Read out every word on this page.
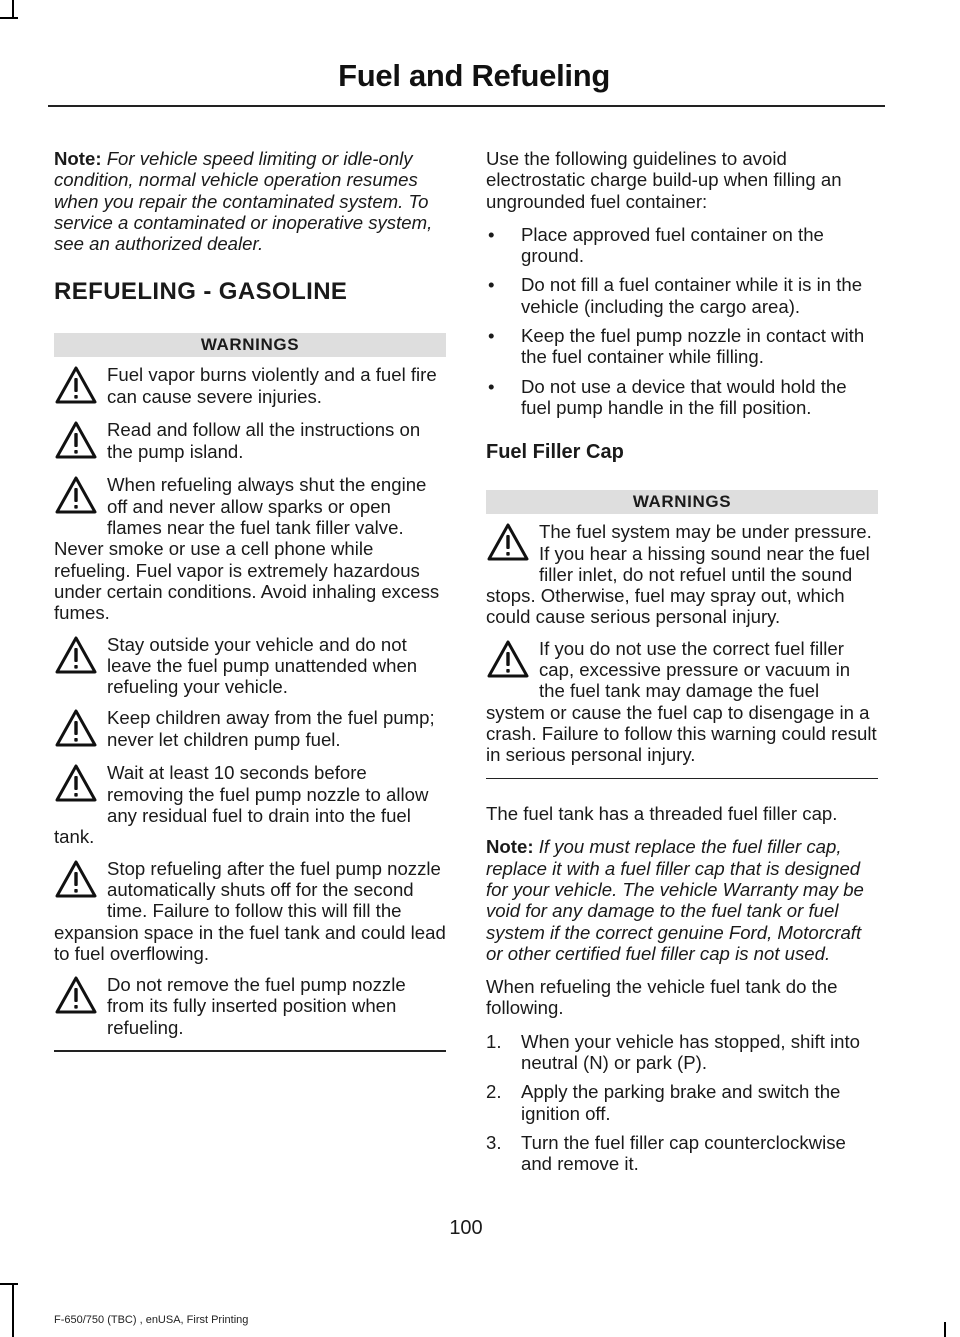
Fuel and Refueling

Note: For vehicle speed limiting or idle-only condition, normal vehicle operation resumes when you repair the contaminated system. To service a contaminated or inoperative system, see an authorized dealer.

REFUELING - GASOLINE
WARNINGS
Fuel vapor burns violently and a fuel fire can cause severe injuries.
Read and follow all the instructions on the pump island.
When refueling always shut the engine off and never allow sparks or open flames near the fuel tank filler valve. Never smoke or use a cell phone while refueling. Fuel vapor is extremely hazardous under certain conditions. Avoid inhaling excess fumes.
Stay outside your vehicle and do not leave the fuel pump unattended when refueling your vehicle.
Keep children away from the fuel pump; never let children pump fuel.
Wait at least 10 seconds before removing the fuel pump nozzle to allow any residual fuel to drain into the fuel tank.
Stop refueling after the fuel pump nozzle automatically shuts off for the second time. Failure to follow this will fill the expansion space in the fuel tank and could lead to fuel overflowing.
Do not remove the fuel pump nozzle from its fully inserted position when refueling.

Use the following guidelines to avoid electrostatic charge build-up when filling an ungrounded fuel container:

• Place approved fuel container on the ground.
• Do not fill a fuel container while it is in the vehicle (including the cargo area).
• Keep the fuel pump nozzle in contact with the fuel container while filling.
• Do not use a device that would hold the fuel pump handle in the fill position.
Fuel Filler Cap
WARNINGS
The fuel system may be under pressure. If you hear a hissing sound near the fuel filler inlet, do not refuel until the sound stops. Otherwise, fuel may spray out, which could cause serious personal injury.
If you do not use the correct fuel filler cap, excessive pressure or vacuum in the fuel tank may damage the fuel system or cause the fuel cap to disengage in a crash. Failure to follow this warning could result in serious personal injury.

The fuel tank has a threaded fuel filler cap.

Note: If you must replace the fuel filler cap, replace it with a fuel filler cap that is designed for your vehicle. The vehicle Warranty may be void for any damage to the fuel tank or fuel system if the correct genuine Ford, Motorcraft or other certified fuel filler cap is not used.

When refueling the vehicle fuel tank do the following.

1. When your vehicle has stopped, shift into neutral (N) or park (P).
2. Apply the parking brake and switch the ignition off.
3. Turn the fuel filler cap counterclockwise and remove it.
100
F-650/750 (TBC) , enUSA, First Printing
